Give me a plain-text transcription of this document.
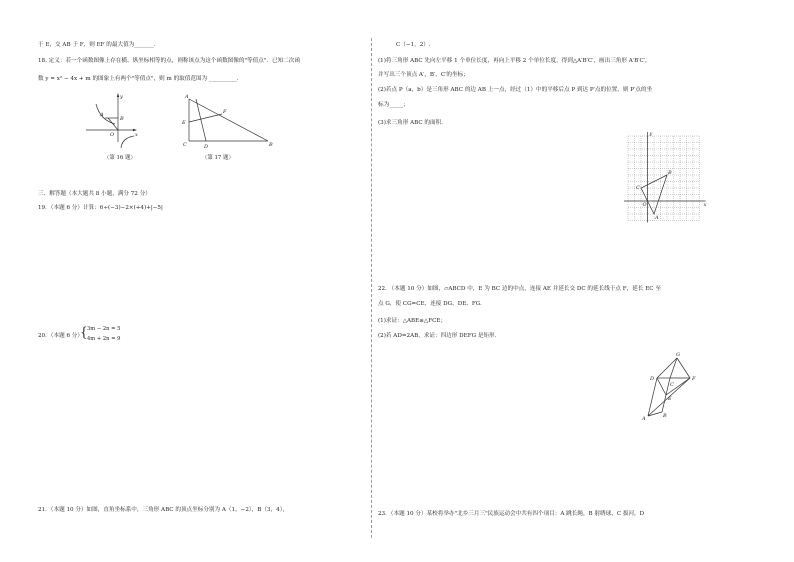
于 E，交 AB 于 F，则 EF 的最大值为_______.
18. 定义：若一个函数图像上存在横、纵坐标相等的点，则称该点为这个函数图像的"等值点"．已知二次函
数 y = x² − 4x + m 的图象上有两个"等值点"，则 m 的取值范围为 __________.
y
x
O
A
B
（第 16 题）
A
B
C	D
E
F
（第 17 题）
三、解答题（本大题共 8 小题，满分 72 分）
19．（本题 6 分）计算：6÷(−3)−2×(+4)+|−5|
20．（本题 6 分）
{ 3m − 2n = 5
4m + 2n = 9
21．（本题 10 分）如图，直角坐标系中，三角形 ABC 的顶点坐标分别为 A（1，−2），B（3，4），
C（−1，2）.
(1)将三角形 ABC 先向左平移 1 个单位长度，再向上平移 2 个单位长度，得到△A′B′C′，画出三角形 A′B′C′，
并写出三个顶点 A′，B′，C′的坐标；
(2)若点 P（a，b）是三角形 ABC 的边 AB 上一点，经过（1）中的平移后点 P 到达 P′点的位置，则 P′点的坐
标为_____；
(3)求三角形 ABC 的面积.
y
x
O
A
B
C
22. （本题 10 分）如图，▱ABCD 中，E 为 BC 边的中点，连接 AE 并延长交 DC 的延长线于点 F，延长 EC 至
点 G，使 CG=CE，连接 DG、DE、FG.
(1)求证：△ABE≌△FCE；
(2)若 AD=2AB，求证：四边形 DEFG 是矩形.
G
D
C
F
E
B
A
23．（本题 10 分）某校将举办"北乡三月三"民族运动会中共有四个项目：A 跳长绳，B 射绣球，C 拔河，D
